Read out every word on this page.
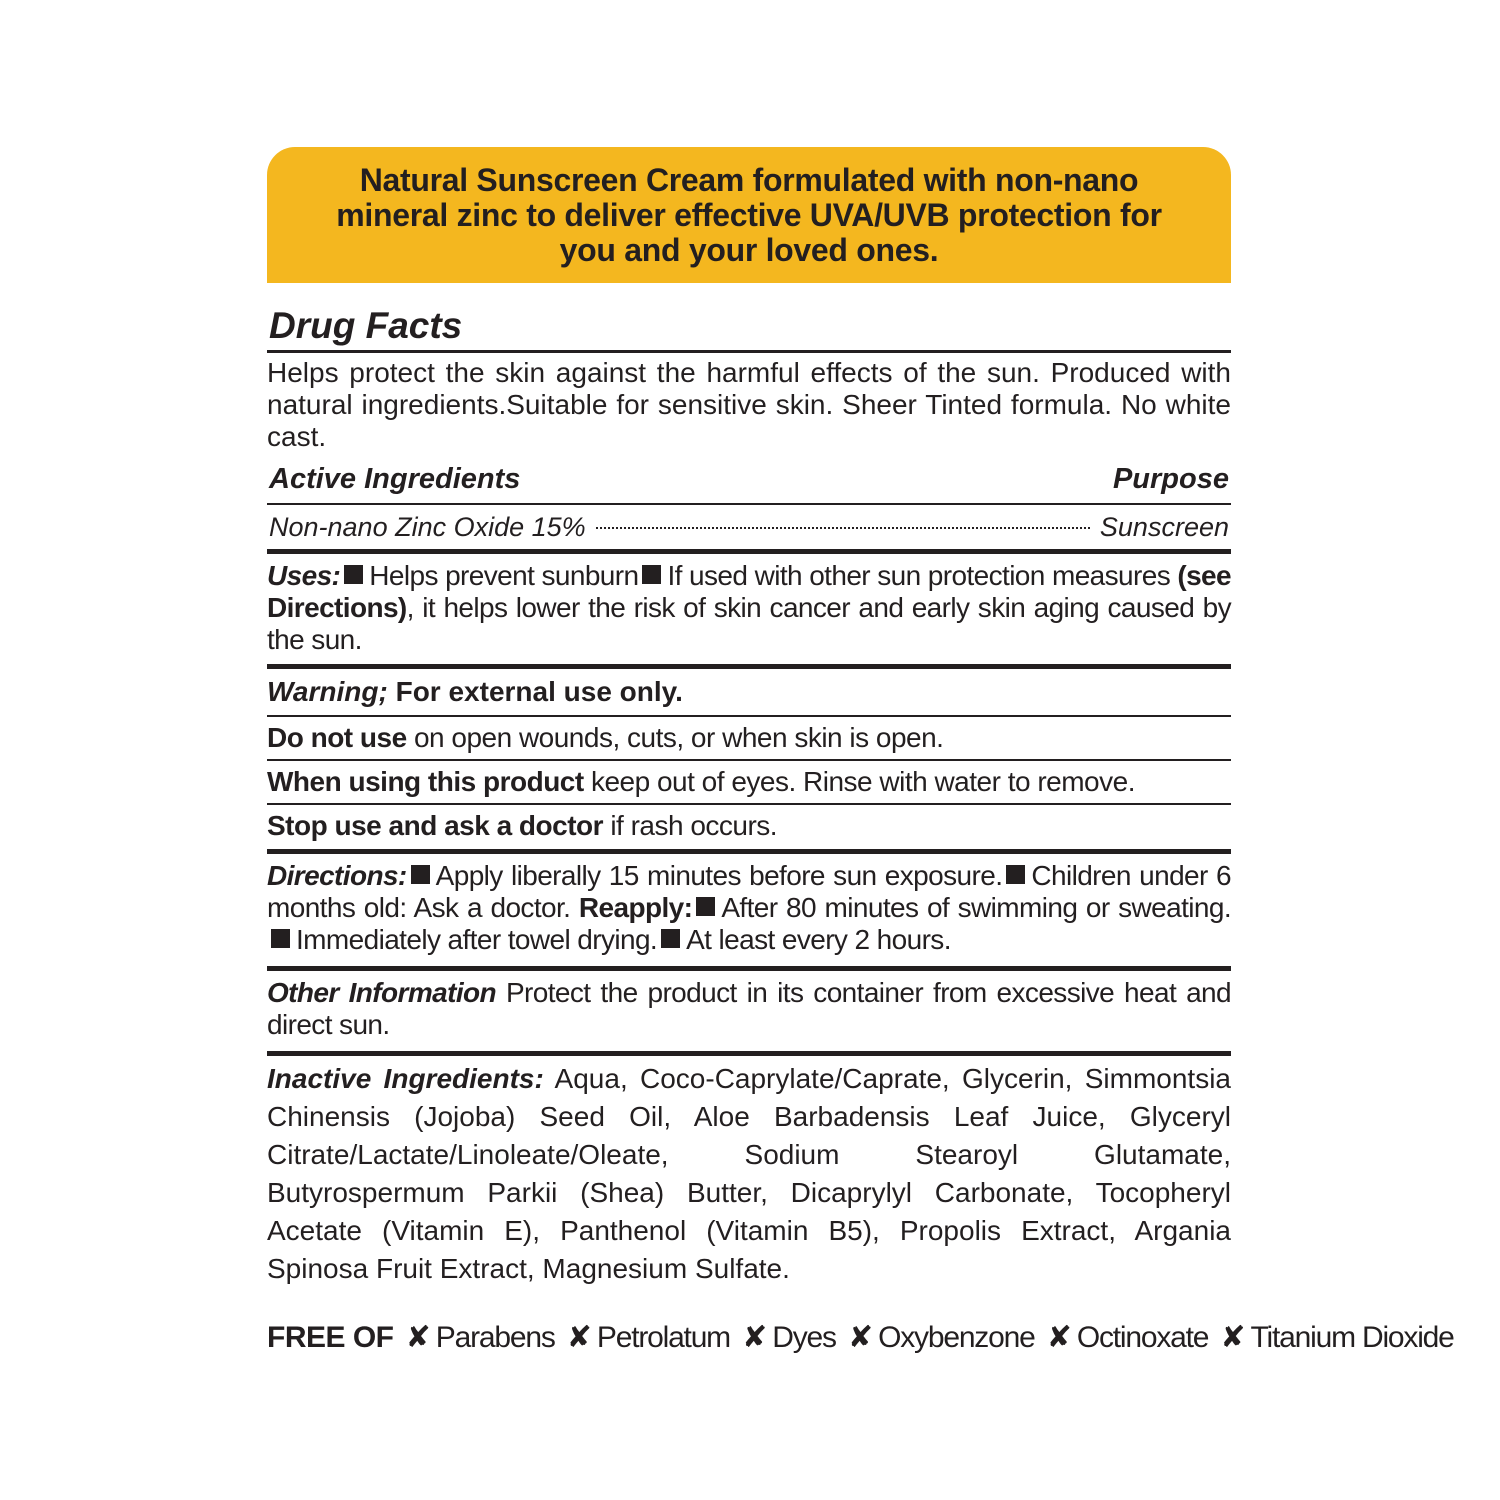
Natural Sunscreen Cream formulated with non-nano mineral zinc to deliver effective UVA/UVB protection for you and your loved ones.
Drug Facts
Helps protect the skin against the harmful effects of the sun. Produced with natural ingredients.Suitable for sensitive skin. Sheer Tinted formula. No white cast.
Active Ingredients	Purpose
Non-nano Zinc Oxide 15%	Sunscreen
Uses: Helps prevent sunburn If used with other sun protection measures (see Directions), it helps lower the risk of skin cancer and early skin aging caused by the sun.
Warning; For external use only.
Do not use on open wounds, cuts, or when skin is open.
When using this product keep out of eyes. Rinse with water to remove.
Stop use and ask a doctor if rash occurs.
Directions: Apply liberally 15 minutes before sun exposure. Children under 6 months old: Ask a doctor. Reapply: After 80 minutes of swimming or sweating.Immediately after towel drying. At least every 2 hours.
Other Information Protect the product in its container from excessive heat and direct sun.
Inactive Ingredients: Aqua, Coco-Caprylate/Caprate, Glycerin, Simmontsia Chinensis (Jojoba) Seed Oil, Aloe Barbadensis Leaf Juice, Glyceryl Citrate/Lactate/Linoleate/Oleate, Sodium Stearoyl Glutamate, Butyrospermum Parkii (Shea) Butter, Dicaprylyl Carbonate, Tocopheryl Acetate (Vitamin E), Panthenol (Vitamin B5), Propolis Extract, Argania Spinosa Fruit Extract, Magnesium Sulfate.
FREE OF ✘ Parabens ✘ Petrolatum ✘ Dyes ✘ Oxybenzone ✘ Octinoxate ✘ Titanium Dioxide
